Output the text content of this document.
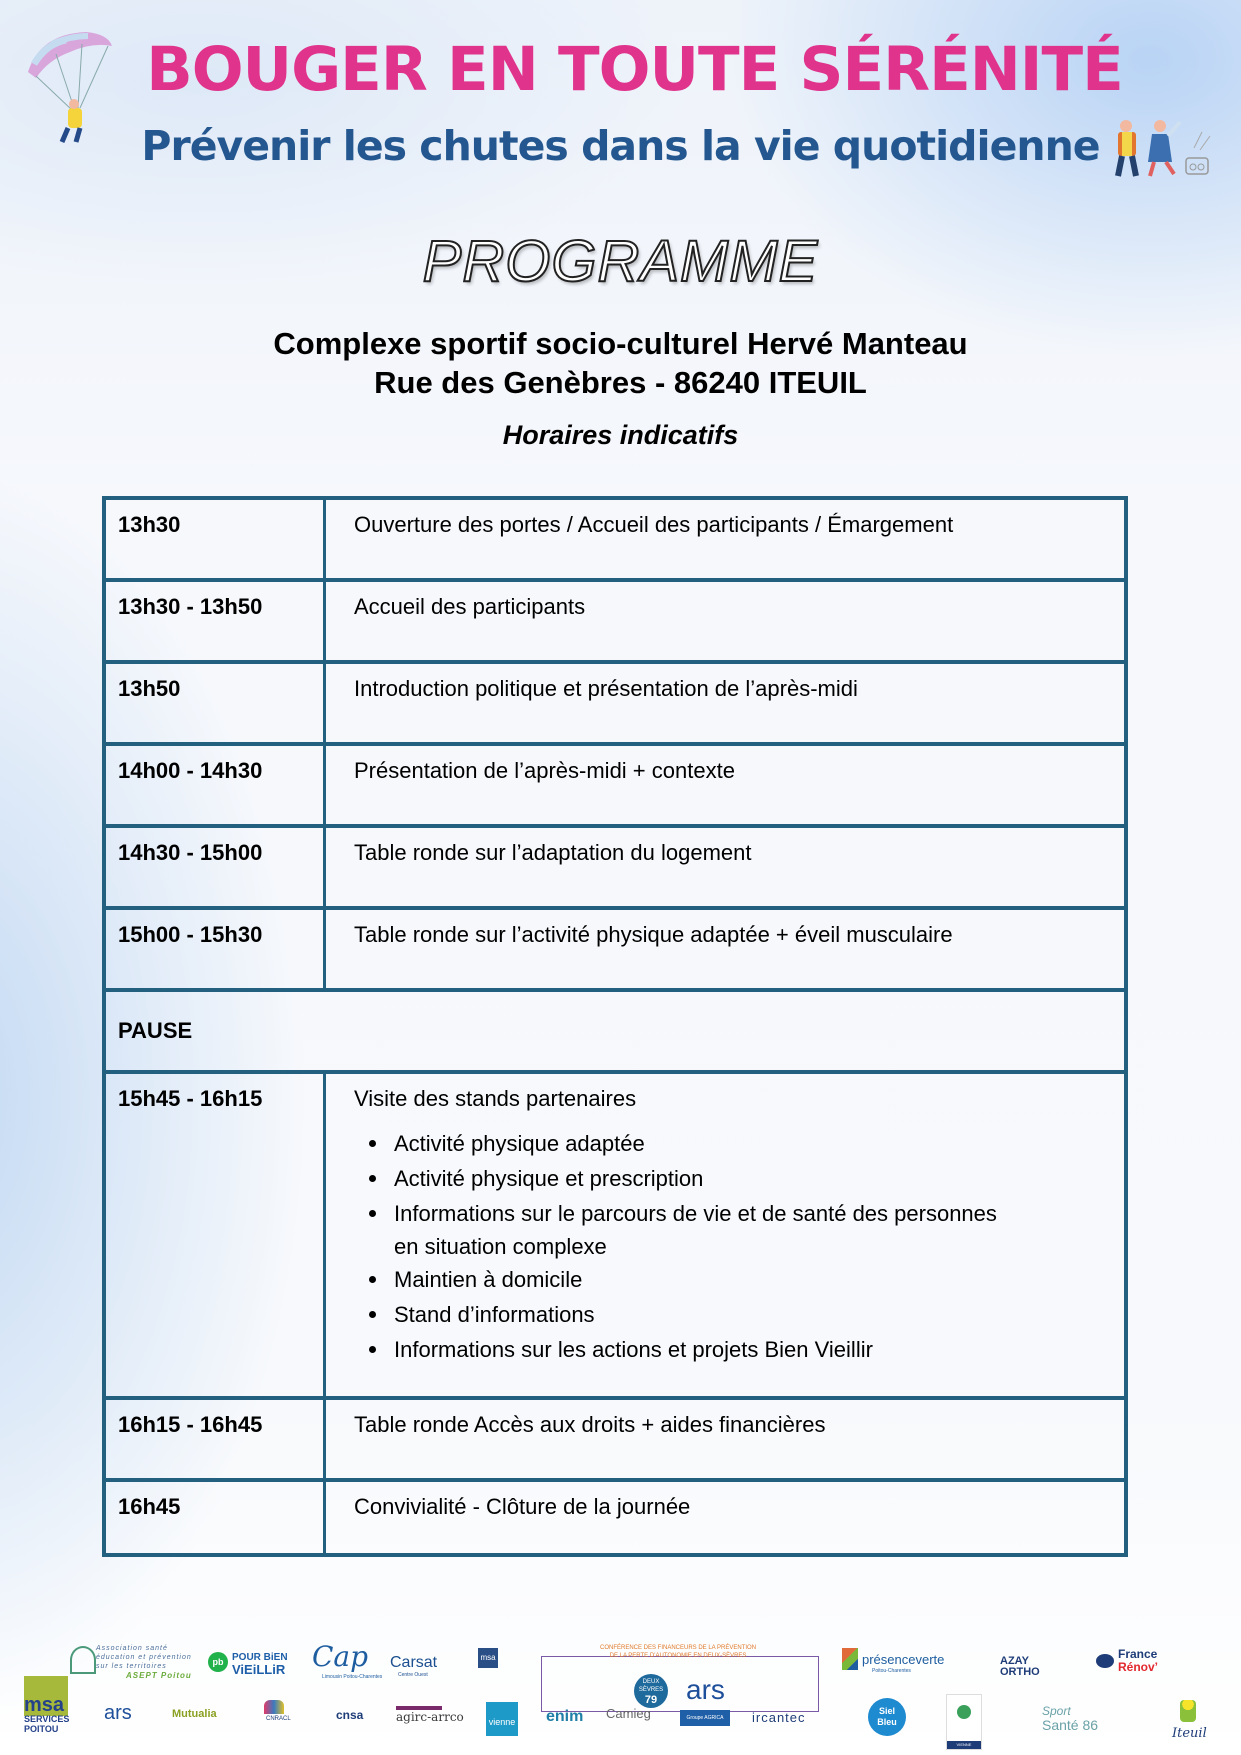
BOUGER EN TOUTE SÉRÉNITÉ
Prévenir les chutes dans la vie quotidienne
PROGRAMME
Complexe sportif socio-culturel Hervé Manteau
Rue des Genèbres - 86240 ITEUIL
Horaires indicatifs
13h30	Ouverture des portes / Accueil des participants / Émargement
13h30 - 13h50	Accueil des participants
13h50	Introduction politique et présentation de l’après-midi
14h00 - 14h30	Présentation de l’après-midi + contexte
14h30 - 15h00	Table ronde sur l’adaptation du logement
15h00 - 15h30	Table ronde sur l’activité physique adaptée + éveil musculaire
PAUSE
15h45 - 16h15	Visite des stands partenaires
Activité physique adaptée
Activité physique et prescription
Informations sur le parcours de vie et de santé des personnes
en situation complexe
Maintien à domicile
Stand d’informations
Informations sur les actions et projets Bien Vieillir
16h15 - 16h45	Table ronde Accès aux droits + aides financières
16h45	Convivialité - Clôture de la journée
msa
SERVICES
POITOU
Association santé
éducation et prévention
sur les territoires
ASEPT Poitou
pb POUR BiEN
ViEiLLiR Cap
Limousin Poitou-Charentes
Carsat
Centre Ouest
msa
CONFÉRENCE DES FINANCEURS DE LA PRÉVENTION
DE LA PERTE D’AUTONOMIE EN DEUX-SÈVRES
DEUX
SÈVRES
79	ars
présenceverte
Poitou-Charentes
AZAY
ORTHO
France
Rénov’
ars	Mutualia	CNRACL	cnsa	agirc-arrco	vienne enim Camieg	Groupe AGRICA	ircantec	Siel
Bleu
VIENNE
Sport
Santé 86
Iteuil
